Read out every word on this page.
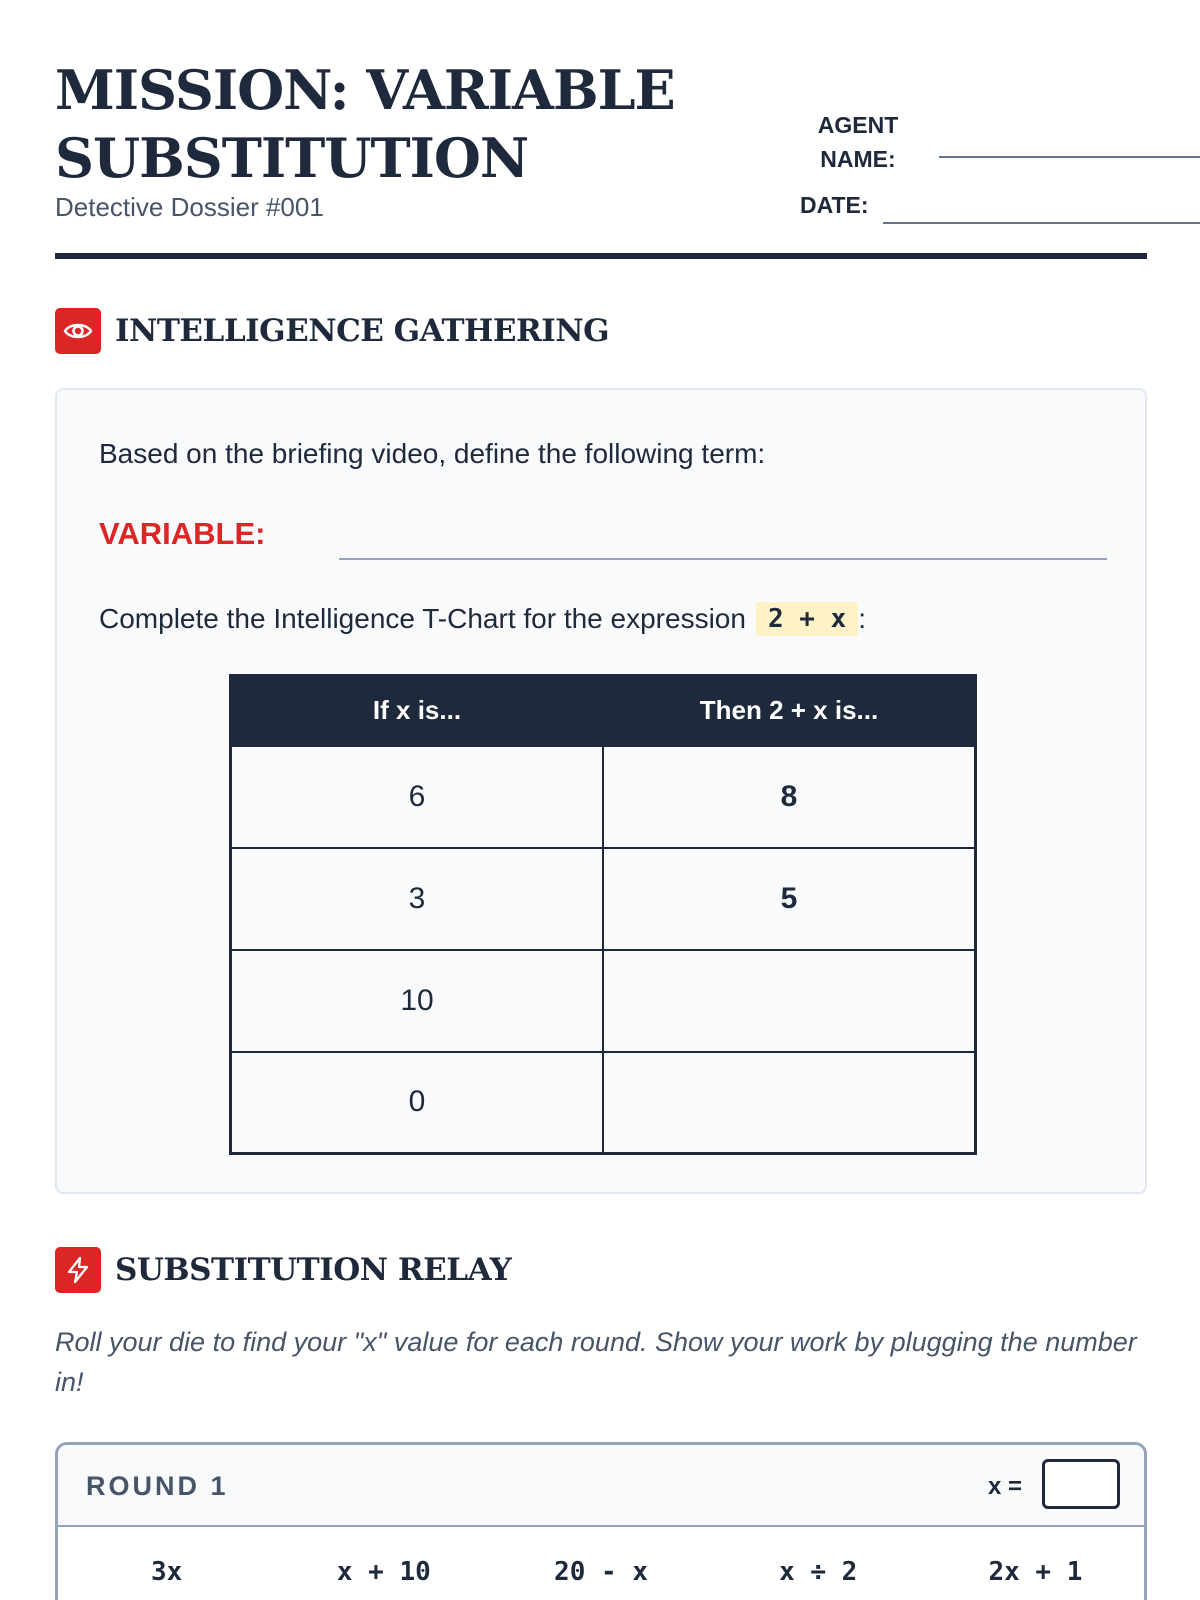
MISSION: VARIABLE
SUBSTITUTION
Detective Dossier #001
AGENT
NAME:
DATE:
INTELLIGENCE GATHERING
Based on the briefing video, define the following term:
VARIABLE:
Complete the Intelligence T-Chart for the expression 2 + x :
If x is...	Then 2 + x is...
6	8
3	5
10	
0	
SUBSTITUTION RELAY
Roll your die to find your "x" value for each round. Show your work by plugging the number in!
ROUND 1	x =
3x	x + 10	20 - x	x ÷ 2	2x + 1
